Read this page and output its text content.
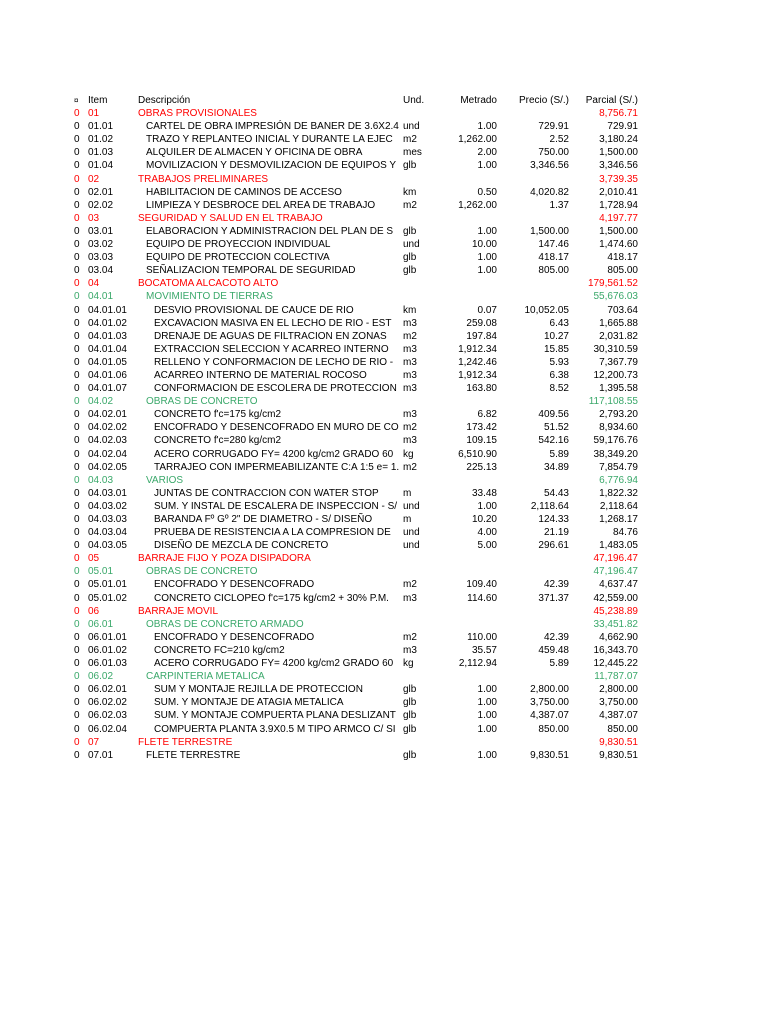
¤ Item	Descripción	Und.	Metrado Precio (S/.) Parcial (S/.)
0 01	OBRAS PROVISIONALES	8,756.71
0 01.01	CARTEL DE OBRA IMPRESIÓN DE BANER DE 3.6X2.4 und	1.00	729.91	729.91
0 01.02	TRAZO Y REPLANTEO INICIAL Y DURANTE LA EJEC	m2	1,262.00	2.52	3,180.24
0 01.03	ALQUILER DE ALMACEN Y OFICINA DE OBRA	mes	2.00	750.00	1,500.00
0 01.04	MOVILIZACION Y DESMOVILIZACION DE EQUIPOS Y glb	1.00	3,346.56	3,346.56
0 02	TRABAJOS PRELIMINARES	3,739.35
0 02.01	HABILITACION DE CAMINOS DE ACCESO	km	0.50	4,020.82	2,010.41
0 02.02	LIMPIEZA Y DESBROCE DEL AREA DE TRABAJO	m2	1,262.00	1.37	1,728.94
0 03	SEGURIDAD Y SALUD EN EL TRABAJO	4,197.77
0 03.01	ELABORACION Y ADMINISTRACION DEL PLAN DE S glb	1.00	1,500.00	1,500.00
0 03.02	EQUIPO DE PROYECCION INDIVIDUAL	und	10.00	147.46	1,474.60
0 03.03	EQUIPO DE PROTECCION COLECTIVA	glb	1.00	418.17	418.17
0 03.04	SEÑALIZACION TEMPORAL DE SEGURIDAD	glb	1.00	805.00	805.00
0 04	BOCATOMA ALCACOTO ALTO	179,561.52
0 04.01	MOVIMIENTO DE TIERRAS	55,676.03
0 04.01.01	DESVIO PROVISIONAL DE CAUCE DE RIO	km	0.07	10,052.05	703.64
0 04.01.02	EXCAVACION MASIVA EN EL LECHO DE RIO - EST	m3	259.08	6.43	1,665.88
0 04.01.03	DRENAJE DE AGUAS DE FILTRACION EN ZONAS	m2	197.84	10.27	2,031.82
0 04.01.04	EXTRACCION SELECCION Y ACARREO INTERNO	m3	1,912.34	15.85 30,310.59
0 04.01.05	RELLENO Y CONFORMACION DE LECHO DE RIO - m3	1,242.46	5.93	7,367.79
0 04.01.06	ACARREO INTERNO DE MATERIAL ROCOSO	m3	1,912.34	6.38 12,200.73
0 04.01.07	CONFORMACION DE ESCOLERA DE PROTECCION m3	163.80	8.52	1,395.58
0 04.02	OBRAS DE CONCRETO	117,108.55
0 04.02.01	CONCRETO f'c=175 kg/cm2	m3	6.82	409.56	2,793.20
0 04.02.02	ENCOFRADO Y DESENCOFRADO EN MURO DE CO m2	173.42	51.52	8,934.60
0 04.02.03	CONCRETO f'c=280 kg/cm2	m3	109.15	542.16 59,176.76
0 04.02.04	ACERO CORRUGADO FY= 4200 kg/cm2 GRADO 60 kg	6,510.90	5.89 38,349.20
0 04.02.05	TARRAJEO CON IMPERMEABILIZANTE C:A 1:5 e= 1. m2	225.13	34.89	7,854.79
0 04.03	VARIOS	6,776.94
0 04.03.01	JUNTAS DE CONTRACCION CON WATER STOP	m	33.48	54.43	1,822.32
0 04.03.02	SUM. Y INSTAL DE ESCALERA DE INSPECCION - S/ und	1.00	2,118.64	2,118.64
0 04.03.03	BARANDA Fº Gº 2" DE DIAMETRO - S/ DISEÑO	m	10.20	124.33	1,268.17
0 04.03.04	PRUEBA DE RESISTENCIA A LA COMPRESION DE	und	4.00	21.19	84.76
0 04.03.05	DISEÑO DE MEZCLA DE CONCRETO	und	5.00	296.61	1,483.05
0 05	BARRAJE FIJO Y POZA DISIPADORA	47,196.47
0 05.01	OBRAS DE CONCRETO	47,196.47
0 05.01.01	ENCOFRADO Y DESENCOFRADO	m2	109.40	42.39	4,637.47
0 05.01.02	CONCRETO CICLOPEO f'c=175 kg/cm2 + 30% P.M.	m3	114.60	371.37 42,559.00
0 06	BARRAJE MOVIL	45,238.89
0 06.01	OBRAS DE CONCRETO ARMADO	33,451.82
0 06.01.01	ENCOFRADO Y DESENCOFRADO	m2	110.00	42.39	4,662.90
0 06.01.02	CONCRETO FC=210 kg/cm2	m3	35.57	459.48 16,343.70
0 06.01.03	ACERO CORRUGADO FY= 4200 kg/cm2 GRADO 60 kg	2,112.94	5.89 12,445.22
0 06.02	CARPINTERIA METALICA	11,787.07
0 06.02.01	SUM Y MONTAJE REJILLA DE PROTECCION	glb	1.00	2,800.00	2,800.00
0 06.02.02	SUM. Y MONTAJE DE ATAGIA METALICA	glb	1.00	3,750.00	3,750.00
0 06.02.03	SUM. Y MONTAJE COMPUERTA PLANA DESLIZANT glb	1.00	4,387.07	4,387.07
0 06.02.04	COMPUERTA PLANTA 3.9X0.5 M TIPO ARMCO C/ SI glb	1.00	850.00	850.00
0 07	FLETE TERRESTRE	9,830.51
0 07.01	FLETE TERRESTRE	glb	1.00	9,830.51	9,830.51
